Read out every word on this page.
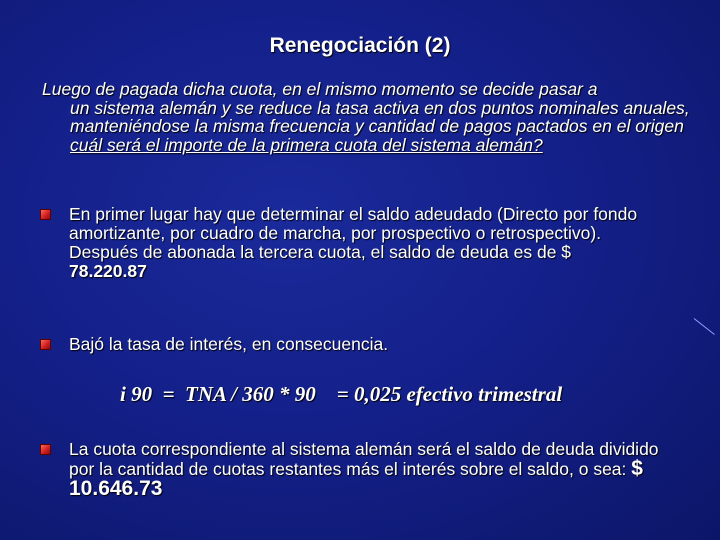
Renegociación (2)
Luego de pagada dicha cuota, en el mismo momento se decide pasar a
un sistema alemán y se reduce la tasa activa en dos puntos nominales anuales, manteniéndose la misma frecuencia y cantidad de pagos pactados en el origen cuál será el importe de la primera cuota del sistema alemán?
En primer lugar hay que determinar el saldo adeudado (Directo por fondo amortizante, por cuadro de marcha, por prospectivo o retrospectivo).
Después de abonada la tercera cuota, el saldo de deuda es de $
78.220.87
Bajó la tasa de interés, en consecuencia.
i 90  =  TNA / 360 * 90    = 0,025 efectivo trimestral
La cuota correspondiente al sistema alemán será el saldo de deuda dividido por la cantidad de cuotas restantes más el interés sobre el saldo, o sea: $ 10.646.73
